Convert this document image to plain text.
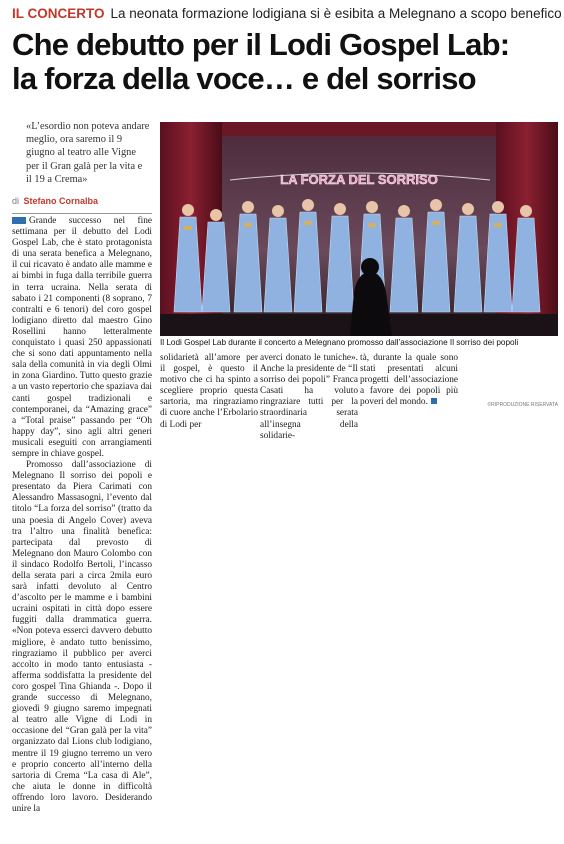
IL CONCERTO La neonata formazione lodigiana si è esibita a Melegnano a scopo benefico
Che debutto per il Lodi Gospel Lab:
la forza della voce… e del sorriso

«L’esordio non poteva andare meglio, ora saremo il 9 giugno al teatro alle Vigne per il Gran galà per la vita e il 19 a Crema»

di Stefano Cornalba

Grande successo nel fine settimana per il debutto del Lodi Gospel Lab, che è stato protagonista di una serata benefica a Melegnano, il cui ricavato è andato alle mamme e ai bimbi in fuga dalla terribile guerra in terra ucraina. Nella serata di sabato i 21 componenti (8 soprano, 7 contralti e 6 tenori) del coro gospel lodigiano diretto dal maestro Gino Rosellini hanno letteralmente conquistato i quasi 250 appassionati che si sono dati appuntamento nella sala della comunità in via degli Olmi in zona Giardino. Tutto questo grazie a un vasto repertorio che spaziava dai canti gospel tradizionali e contemporanei, da “Amazing grace” a “Total praise” passando per “Oh happy day”, sino agli altri generi musicali eseguiti con arrangiamenti sempre in chiave gospel.

Promosso dall’associazione di Melegnano Il sorriso dei popoli e presentato da Piera Carimati con Alessandro Massasogni, l’evento dal titolo “La forza del sorriso” (tratto da una poesia di Angelo Cover) aveva tra l’altro una finalità benefica: partecipata dal prevosto di Melegnano don Mauro Colombo con il sindaco Rodolfo Bertoli, l’incasso della serata pari a circa 2mila euro sarà infatti devoluto al Centro d’ascolto per le mamme e i bambini ucraini ospitati in città dopo essere fuggiti dalla drammatica guerra. «Non poteva esserci davvero debutto migliore, è andato tutto benissimo, ringraziamo il pubblico per averci accolto in modo tanto entusiasta - afferma soddisfatta la presidente del coro gospel Tina Ghianda -. Dopo il grande successo di Melegnano, giovedì 9 giugno saremo impegnati al teatro alle Vigne di Lodi in occasione del “Gran galà per la vita” organizzato dal Lions club lodigiano, mentre il 19 giugno terremo un vero e proprio concerto all’interno della sartoria di Crema “La casa di Ale”, che aiuta le donne in difficoltà offrendo loro lavoro. Desiderando unire la

LA FORZA DEL SORRISO
Il Lodi Gospel Lab durante il concerto a Melegnano promosso dall’associazione Il sorriso dei popoli

solidarietà all’amore per il gospel, è questo il motivo che ci ha spinto a scegliere proprio questa sartoria, ma ringraziamo di cuore anche l’Erbolario di Lodi per

averci donato le tuniche». Anche la presidente de “Il sorriso dei popoli” Franca Casati ha voluto ringraziare tutti per la straordinaria serata all’insegna della solidarie-

tà, durante la quale sono stati presentati alcuni progetti dell’associazione a favore dei popoli più poveri del mondo.	©RIPRODUZIONE RISERVATA
